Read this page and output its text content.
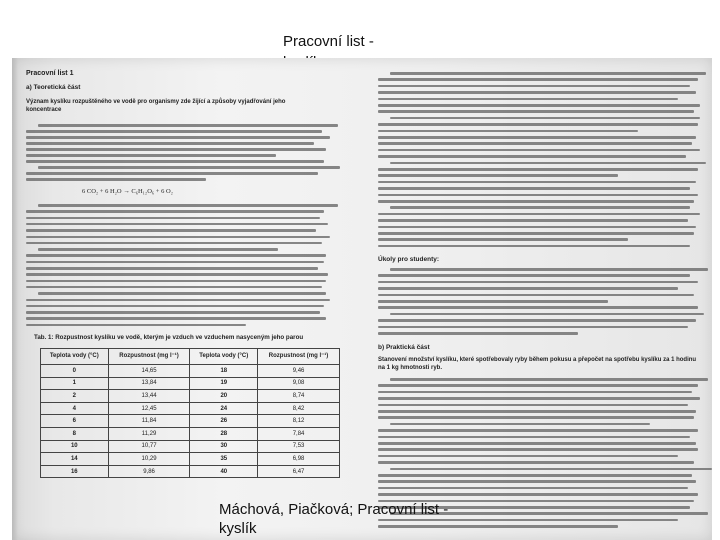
Pracovní list -
Pracovní list 1
a) Teoretická část
Význam kyslíku rozpuštěného ve vodě pro organismy zde žijící a způsoby vyjadřování jeho koncentrace
6 CO₂ + 6 H₂O → C₆H₁₂O₆ + 6 O₂
Tab. 1: Rozpustnost kyslíku ve vodě, kterým je vzduch ve vzduchem nasyceným jeho parou
Teplota vody (°C)	Rozpustnost (mg l⁻¹)	Teplota vody (°C)	Rozpustnost (mg l⁻¹)
0	14,65	18	9,46
1	13,84	19	9,08
2	13,44	20	8,74
4	12,45	24	8,42
6	11,84	26	8,12
8	11,29	28	7,84
10	10,77	30	7,53
14	10,29	35	6,98
16	9,86	40	6,47
Úkoly pro studenty:
b) Praktická část
Stanovení množství kyslíku, které spotřebovaly ryby během pokusu a přepočet na spotřebu kyslíku za 1 hodinu na 1 kg hmotnosti ryb.
Máchová, Piačková; Pracovní list -
kyslík
